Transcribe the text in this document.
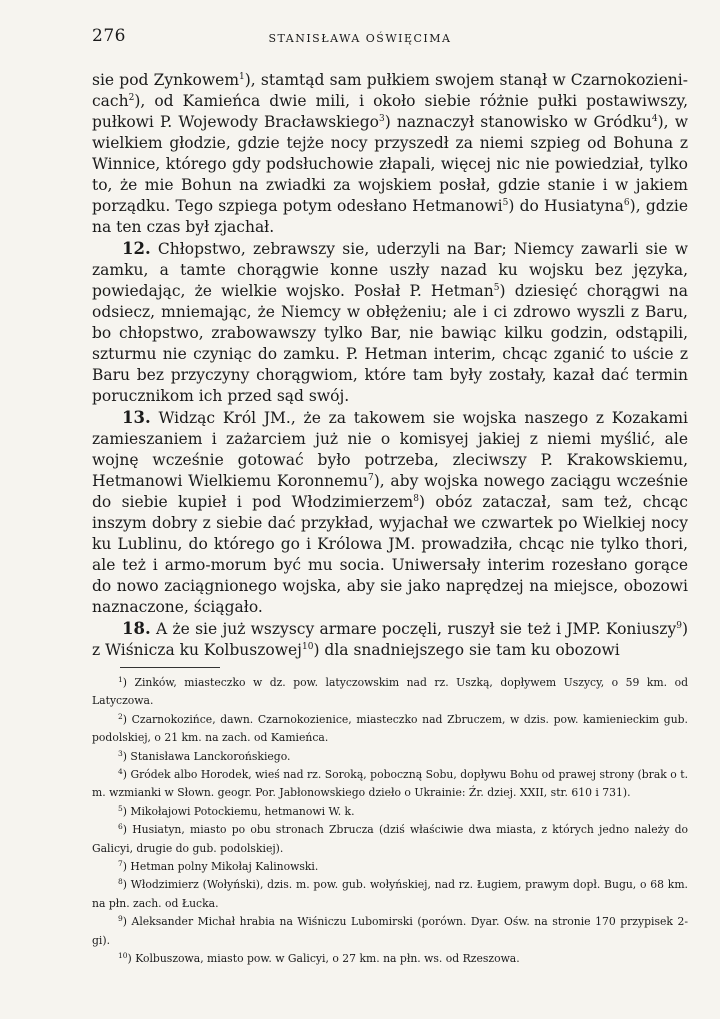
276	STANISŁAWA OŚWIĘCIMA

sie pod Zynkowem$^1$), stamtąd sam pułkiem swojem stanął w Czarnokozieni-cach$^2$), od Kamieńca dwie mili, i około siebie różnie pułki postawiwszy, pułkowi P. Wojewody Bracławskiego$^3$) naznaczył stanowisko w Gródku$^4$), w wielkiem głodzie, gdzie tejże nocy przyszedł za niemi szpieg od Bohuna z Winnice, którego gdy podsłuchowie złapali, więcej nic nie powiedział, tylko to, że mie Bohun na zwiadki za wojskiem posłał, gdzie stanie i w jakiem porządku. Tego szpiega potym odesłano Hetmanowi$^5$) do Husiatyna$^6$), gdzie na ten czas był zjachał.

12. Chłopstwo, zebrawszy sie, uderzyli na Bar; Niemcy zawarli sie w zamku, a tamte chorągwie konne uszły nazad ku wojsku bez języka, powiedając, że wielkie wojsko. Posłał P. Hetman$^5$) dziesięć chorągwi na odsiecz, mniemając, że Niemcy w obłężeniu; ale i ci zdrowo wyszli z Baru, bo chłopstwo, zrabowawszy tylko Bar, nie bawiąc kilku godzin, odstąpili, szturmu nie czyniąc do zamku. P. Hetman interim, chcąc zganić to uście z Baru bez przyczyny chorągwiom, które tam były zostały, kazał dać termin porucznikom ich przed sąd swój.

13. Widząc Król JM., że za takowem sie wojska naszego z Kozakami zamieszaniem i zażarciem już nie o komisyej jakiej z niemi myślić, ale wojnę wcześnie gotować było potrzeba, zleciwszy P. Krakowskiemu, Hetmanowi Wielkiemu Koronnemu$^7$), aby wojska nowego zaciągu wcześnie do siebie kupieł i pod Włodzimierzem$^8$) obóz zataczał, sam też, chcąc inszym dobry z siebie dać przykład, wyjachał we czwartek po Wielkiej nocy ku Lublinu, do którego go i Królowa JM. prowadziła, chcąc nie tylko thori, ale też i armo-morum być mu socia. Uniwersały interim rozesłano gorące do nowo zaciągnionego wojska, aby sie jako naprędzej na miejsce, obozowi naznaczone, ściągało.

18. A że sie już wszyscy armare poczęli, ruszył sie też i JMP. Koniuszy$^9$) z Wiśnicza ku Kolbuszowej$^{10}$) dla snadniejszego sie tam ku obozowi

$^1$) Zinków, miasteczko w dz. pow. latyczowskim nad rz. Uszką, dopływem Uszycy, o 59 km. od Latyczowa.

$^2$) Czarnokozińce, dawn. Czarnokozienice, miasteczko nad Zbruczem, w dzis. pow. kamienieckim gub. podolskiej, o 21 km. na zach. od Kamieńca.

$^3$) Stanisława Lanckorońskiego.

$^4$) Gródek albo Horodek, wieś nad rz. Soroką, poboczną Sobu, dopływu Bohu od prawej strony (brak o t. m. wzmianki w Słown. geogr. Por. Jabłonowskiego dzieło o Ukrainie: Źr. dziej. XXII, str. 610 i 731).

$^5$) Mikołajowi Potockiemu, hetmanowi W. k.

$^6$) Husiatyn, miasto po obu stronach Zbrucza (dziś właściwie dwa miasta, z których jedno należy do Galicyi, drugie do gub. podolskiej).

$^7$) Hetman polny Mikołaj Kalinowski.

$^8$) Włodzimierz (Wołyński), dzis. m. pow. gub. wołyńskiej, nad rz. Ługiem, prawym dopł. Bugu, o 68 km. na płn. zach. od Łucka.

$^9$) Aleksander Michał hrabia na Wiśniczu Lubomirski (porówn. Dyar. Ośw. na stronie 170 przypisek 2-gi).

$^{10}$) Kolbuszowa, miasto pow. w Galicyi, o 27 km. na płn. ws. od Rzeszowa.
